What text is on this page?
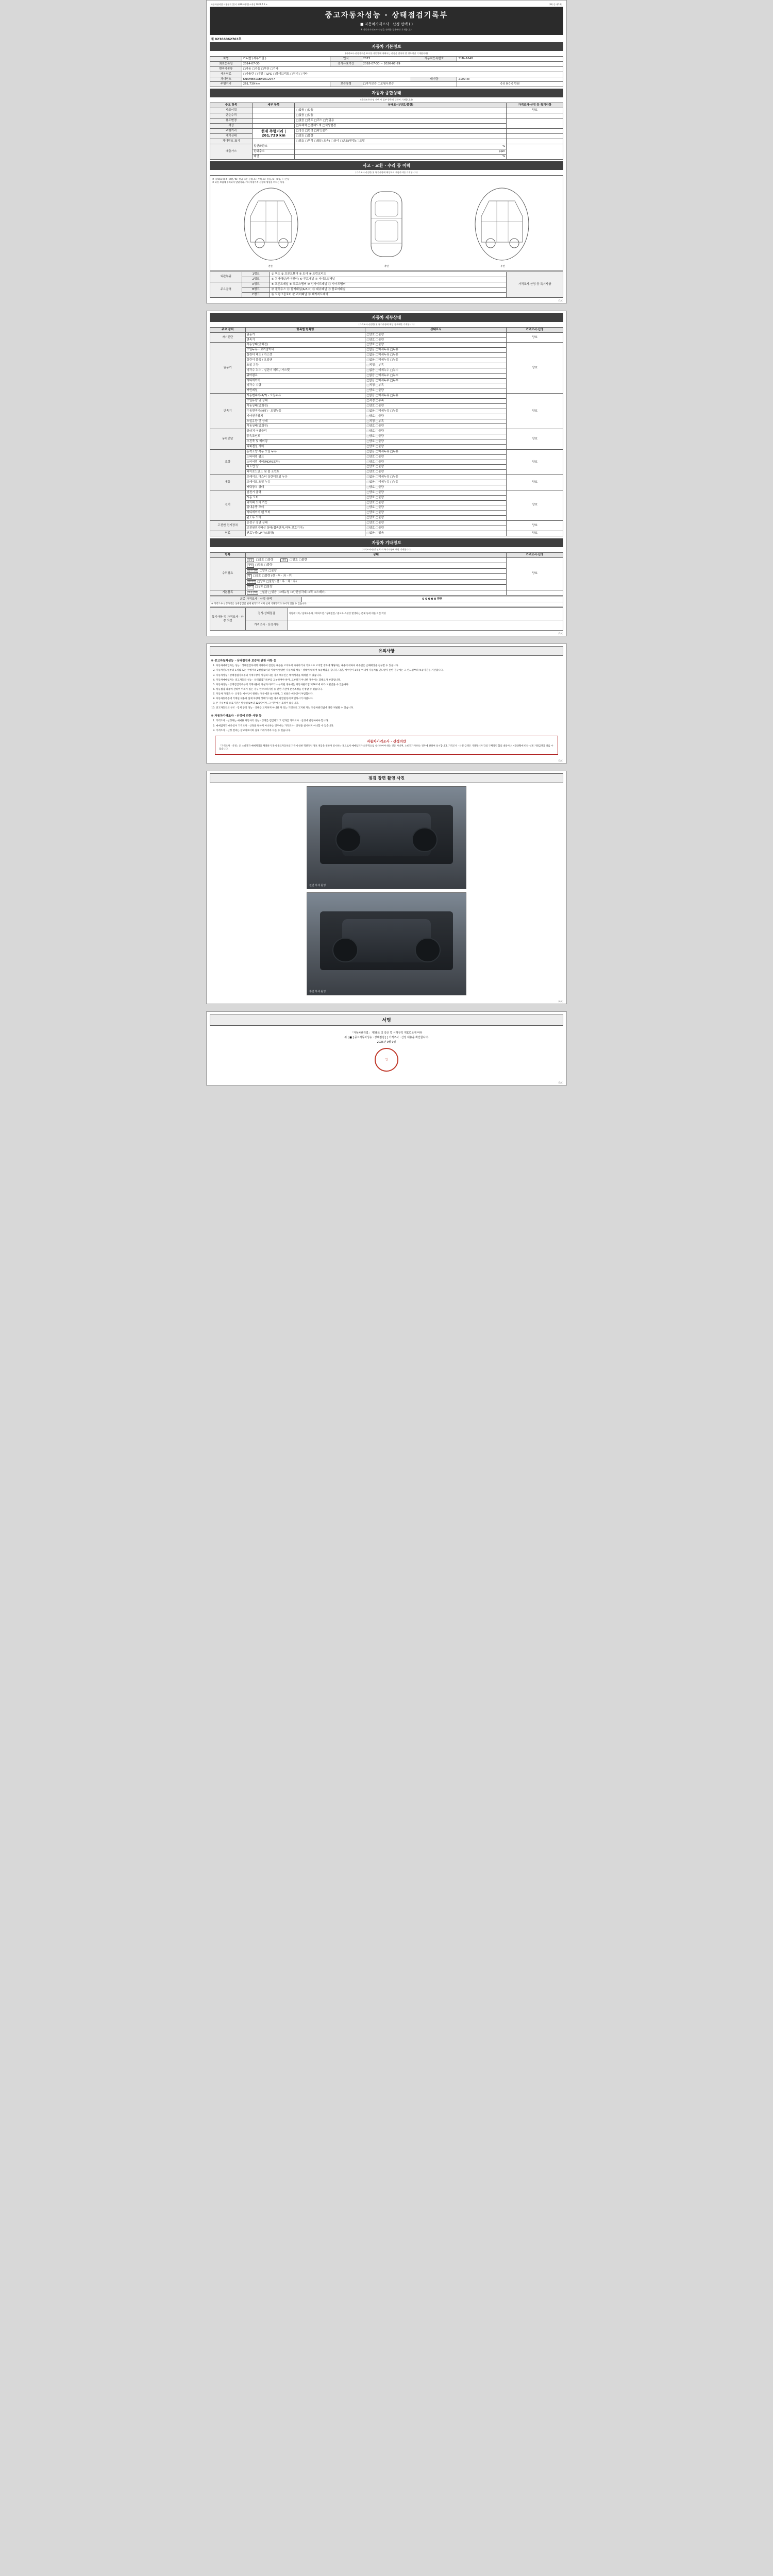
자동차관리법 시행규칙 [별지 제82호서식] <개정 2021.7.5.>	(3쪽 중 제1쪽)
중고자동차성능 · 상태점검기록부
■ 자동차가격조사 · 산정 선택 ( )
※ 자동차가격조사·산정을 선택한 경우에만 기재합니다.
제 02366062763호
자동차 기본정보
(가격조사·산정가격을 표시한 자동차에 대해서는 산정을 받아야 할 경우에만 기재합니다)
차명	카니발 (세부모델 )	연식	2015	자동차등록번호	51Ba1648
최초등록일	2014-07-30	검사유효기간	2018-07-30 ~ 2026-07-29		
변속기종류	□자동 □수동 □무단 □기타				
사용연료	□가솔린 □디젤 □LPG □하이브리드 □전기 □기타				
차대번호	KNAMB81XBFS012047			배기량	2199 cc
주행거리	261,739 km	보증유형	□자가보증 □보험사보증		0 0 0 0 0 만원
자동차 종합상태
(가격조사·산정 선택 시 일부 항목에 대하여 기재합니다)
주요 항목	세부 항목	상태표시(양호/불량)	가격조사·산정 등 특기사항
사고이력		□없음 □있음	양호
단순수리		□없음 □있음	
용도변경		□없음 □렌트 □리스 □영업용	
색상		□무채색 □전체도색 □색상변경	
주행거리	현재 주행거리 | 261,739 km	□정상 □변경 □확인불가	
계기상태		□양호 □불량	
차대번호 표기		□양호 □부식 □훼손(오손) □상이 □변조(변경) □도말	
배출가스	일산화탄소	%	
	탄화수소	ppm	
	매연	%	
사고 · 교환 · 수리 등 이력
(가격조사·산정한 및 특기사항에 해당하지 제품까지만 기재합니다)
※ (상태표시) X : 교환, W : 판금 또는 용접, C : 부식, A : 흠집, U : 요철, T : 손상
※ 하단 보험에 수리하지 않았거나, 기타 차량가격 산정에 영향을 미치는 사항
전면	측면	후면
외판부위	1랭크	① 후드 ② 프론트휀더 ③ 도어 ④ 트렁크리드	가격조사·산정 등 특기사항
	2랭크	⑤ 쿼터패널(리어휀더) ⑥ 루프패널 ⑦ 사이드실패널	
주요골격	A랭크	⑧ 프론트패널 ⑨ 크로스멤버 ⑩ 인사이드패널 ⑪ 사이드멤버	
	B랭크	⑫ 휠하우스 ⑬ 필러패널(A,B,C) ⑭ 대쉬패널 ⑮ 플로어패널	
	C랭크	⑯ 트렁크플로어 ⑰ 리어패널 ⑱ 패키지트레이	
(1/4)
자동차 세부상태
(가격조사·산정한 및 특기사항에 해당 경우에만 기재합니다)
주요 장치	항목별 항목명	상태표시	가격조사·산정
자기진단	원동기	□양호 □불량	양호
	변속기	□양호 □불량	
원동기	작동상태(공회전)	□양호 □불량	양호
	오일누유 - 로커암커버	□없음 □미세누유 □누유	
	실린더 헤드 / 가스켓	□없음 □미세누유 □누유	
	실린더 블록 / 오일팬	□없음 □미세누유 □누유	
	오일 유량	□적정 □부족	
	냉각수 누수 - 실린더 헤드 / 가스켓	□없음 □미세누수 □누수	
	워터펌프	□없음 □미세누수 □누수	
	라디에이터	□없음 □미세누수 □누수	
	냉각수 수량	□적정 □부족	
	커먼레일	□양호 □불량	
변속기	자동변속기(A/T) - 오일누유	□없음 □미세누유 □누유	양호
	오일유량 및 상태	□적정 □부족	
	작동상태(공회전)	□양호 □불량	
	수동변속기(M/T) - 오일누유	□없음 □미세누유 □누유	
	기어변속장치	□양호 □불량	
	오일유량 및 상태	□적정 □부족	
	작동상태(공회전)	□양호 □불량	
동력전달	클러치 어셈블리	□양호 □불량	양호
	등속조인트	□양호 □불량	
	추진축 및 베어링	□양호 □불량	
	디퍼렌셜 기어	□양호 □불량	
조향	동력조향 작동 오일 누유	□없음 □미세누유 □누유	양호
	스티어링 펌프	□양호 □불량	
	스티어링 기어(MDPS포함)	□양호 □불량	
	피트먼 암	□양호 □불량	
	타이로드엔드 및 볼 조인트	□양호 □불량	
제동	브레이크 마스터 실린더오일 누유	□없음 □미세누유 □누유	양호
	브레이크 오일 누유	□없음 □미세누유 □누유	
	배력장치 상태	□양호 □불량	
전기	발전기 출력	□양호 □불량	양호
	시동 모터	□양호 □불량	
	와이퍼 모터 기능	□양호 □불량	
	실내송풍 모터	□양호 □불량	
	라디에이터 팬 모터	□양호 □불량	
	윈도우 모터	□양호 □불량	
고전원 전기장치	충전구 절연 상태	□양호 □불량	양호
	고전원전기배선 상태(접속단자,피복,보호기구)	□양호 □불량	
연료	연료누출(LP가스포함)	□없음 □있음	양호
자동차 기타정보
(가격조사·산정 선택 시 특기사항에 해당 기재합니다)
항목	상태	가격조사·산정
수리필요	외장 □양호 □불량 내장 □양호 □불량	양호
	광택 □양호 □불량	
	룸크리닝 □양호 □불량	
	휠 □양호 □불량 (전ㆍ후ㆍ좌ㆍ우)	
	타이어 □양호 □불량 (전ㆍ후ㆍ좌ㆍ우)	
	유리 □양호 □불량	
기본품목	보유상태 □없음 □있음 (☐매뉴얼 ☐안전삼각대 ☐잭 ☐스패너)	
최종 가격조사 · 산정 금액	0 0 0 0 0 만원
※ 가격조사·산정가격은 상태점검일 현재 평가가격이며 실제 거래가격과 차이가 있을 수 있습니다.
특기사항 및 가격조사 · 산정 의견	검사·상태점검	차량에너지 / 침해사유자 / 회피조건 / 상태점검 / 중고차 특성상 발생하는 문제 등에 대한 의견 작성
	가격조사 · 산정사항	
(2/4)
유의사항
※ 중고자동차성능 · 상태점검과 보증에 관한 사항 등
1. 자동차매매업자는 성능ㆍ상태점검자에게 의뢰하여 점검한 내용을 고지하지 아니하거나 거짓으로 고지할 경우에 해당하는 내용에 대하여 매수인은 손해배상을 청구할 수 있습니다.
2. 자동차인도일부터 1개월 또는 주행거리 2천킬로미터 이내에 발생한 자동차의 성능ㆍ상태에 대하여 보증책임을 집니다. 다만, 매수인이 1개월 이내에 자동차를 인도받지 못한 경우에는 그 인도일부터 보증기간을 기산합니다.
3. 자동차성능ㆍ상태점검기록부의 기재사항이 사실과 다른 경우 매수인은 매매계약을 해제할 수 있습니다.
4. 자동차매매업자는 중고자동차 성능ㆍ상태점검기록부를 교부하여야 하며, 교부하지 아니한 경우에는 과태료가 부과됩니다.
5. 자동차성능ㆍ상태점검기록부의 기재내용이 사실과 다르거나 누락된 경우에는 자동차관리법 제58조에 따라 처벌받을 수 있습니다.
6. 성능점검 내용에 관하여 이의가 있는 경우 한국소비자원 등 관련 기관에 분쟁조정을 신청할 수 있습니다.
7. 자동차 가격조사ㆍ산정은 매수인이 원하는 경우에만 실시하며, 그 비용은 매수인이 부담합니다.
8. 자동차등록증에 기재된 내용과 실제 차량의 상태가 다를 경우 관할관청에 확인하시기 바랍니다.
9. 본 기록부의 유효기간은 발급일로부터 120일이며, 그 이후에는 효력이 없습니다.
10. 중고자동차의 구조ㆍ장치 등의 성능ㆍ상태를 고지하지 아니한 자 또는 거짓으로 고지한 자는 자동차관리법에 따라 처벌될 수 있습니다.
※ 자동차가격조사 · 산정에 관한 사항 등
1. 가격조사ㆍ산정자는 매매용 자동차의 성능ㆍ상태를 점검하고 그 결과를 가격조사ㆍ산정에 반영하여야 합니다.
2. 매매업자가 매수인이 가격조사ㆍ산정을 원하지 아니하는 경우에는 가격조사ㆍ산정을 실시하지 아니할 수 있습니다.
3. 가격조사ㆍ산정 결과는 참고자료이며 실제 거래가격과 다를 수 있습니다.
자동차가격조사 · 산정의안
「가격조사ㆍ산정」은 소비자가 매매계약을 체결하기 전에 중고자동차의 가격에 대한 객관적인 정보 제공을 위하여 실시하는 제도로서 매매업자가 의무적으로 실시하여야 하는 것은 아니며, 소비자가 원하는 경우에 한하여 실시합니다. 가격조사ㆍ산정 금액은 거래당사자 간의 구체적인 합의 내용이나 시장상황에 따라 실제 거래금액과 다를 수 있습니다.
(3/4)
점검 장면 촬영 사진
전면 하체 촬영
후면 하체 촬영
(4/4)
서명
「자동차관리법」 제58조 및 같은 법 시행규칙 제120조에 따라
위 [ ■ ] 중고자동차성능ㆍ상태점검 [ ] 가격조사ㆍ산정 내용을 확인합니다.
2026년 0월 0일
인
(5/4)
